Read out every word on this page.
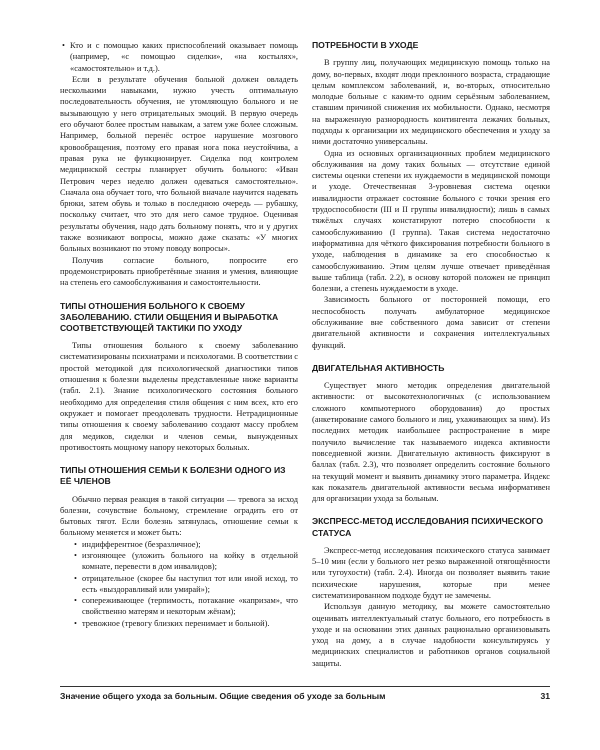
• Кто и с помощью каких приспособлений оказывает помощь (например, «с помощью сиделки», «на костылях», «самостоятельно» и т.д.).

Если в результате обучения больной должен овладеть несколькими навыками, нужно учесть оптимальную последовательность обучения, не утомляющую больного и не вызывающую у него отрицательных эмоций. В первую очередь его обучают более простым навыкам, а затем уже более сложным. Например, больной перенёс острое нарушение мозгового кровообращения, поэтому его правая нога пока неустойчива, а правая рука не функционирует. Сиделка под контролем медицинской сестры планирует обучить больного: «Иван Петрович через неделю должен одеваться самостоятельно». Сначала она обучает того, что больной вначале научится надевать брюки, затем обувь и только в последнюю очередь — рубашку, поскольку считает, что это для него самое трудное. Оценивая результаты обучения, надо дать больному понять, что и у других также возникают вопросы, можно даже сказать: «У многих больных возникают по этому поводу вопросы».

Получив согласие больного, попросите его продемонстрировать приобретённые знания и умения, влияющие на степень его самообслуживания и самостоятельности.

ТИПЫ ОТНОШЕНИЯ БОЛЬНОГО К СВОЕМУ ЗАБОЛЕВАНИЮ. СТИЛИ ОБЩЕНИЯ И ВЫРАБОТКА СООТВЕТСТВУЮЩЕЙ ТАКТИКИ ПО УХОДУ

Типы отношения больного к своему заболеванию систематизированы психиатрами и психологами. В соответствии с простой методикой для психологической диагностики типов отношения к болезни выделены представленные ниже варианты (табл. 2.1). Знание психологического состояния больного необходимо для определения стиля общения с ним всех, кто его окружает и помогает преодолевать трудности. Нетрадиционные типы отношения к своему заболеванию создают массу проблем для медиков, сиделки и членов семьи, вынужденных противостоять мощному напору некоторых больных.

ТИПЫ ОТНОШЕНИЯ СЕМЬИ К БОЛЕЗНИ ОДНОГО ИЗ ЕЁ ЧЛЕНОВ

Обычно первая реакция в такой ситуации — тревога за исход болезни, сочувствие больному, стремление оградить его от бытовых тягот. Если болезнь затянулась, отношение семьи к больному меняется и может быть:

• индифферентное (безразличное);
• изгоняющее (уложить больного на койку в отдельной комнате, перевести в дом инвалидов);
• отрицательное (скорее бы наступил тот или иной исход, то есть «выздоравливай или умирай»);
• сопереживающее (терпимость, потакание «капризам», что свойственно матерям и некоторым жёнам);
• тревожное (тревогу близких перенимает и больной).
ПОТРЕБНОСТИ В УХОДЕ

В группу лиц, получающих медицинскую помощь только на дому, во-первых, входят люди преклонного возраста, страдающие целым комплексом заболеваний, и, во-вторых, относительно молодые больные с каким-то одним серьёзным заболеванием, ставшим причиной снижения их мобильности. Однако, несмотря на выраженную разнородность контингента лежачих больных, подходы к организации их медицинского обеспечения и уходу за ними достаточно универсальны.

Одна из основных организационных проблем медицинского обслуживания на дому таких больных — отсутствие единой системы оценки степени их нуждаемости в медицинской помощи и уходе. Отечественная 3-уровневая система оценки инвалидности отражает состояние больного с точки зрения его трудоспособности (III и II группы инвалидности); лишь в самых тяжёлых случаях констатируют потерю способности к самообслуживанию (I группа). Такая система недостаточно информативна для чёткого фиксирования потребности больного в уходе, наблюдения в динамике за его способностью к самообслуживанию. Этим целям лучше отвечает приведённая выше таблица (табл. 2.2), в основу которой положен не принцип болезни, а степень нуждаемости в уходе.

Зависимость больного от посторонней помощи, его неспособность получать амбулаторное медицинское обслуживание вне собственного дома зависит от степени двигательной активности и сохранения интеллектуальных функций.

ДВИГАТЕЛЬНАЯ АКТИВНОСТЬ

Существует много методик определения двигательной активности: от высокотехнологичных (с использованием сложного компьютерного оборудования) до простых (анкетирование самого больного и лиц, ухаживающих за ним). Из последних методик наибольшее распространение в мире получило вычисление так называемого индекса активности повседневной жизни. Двигательную активность фиксируют в баллах (табл. 2.3), что позволяет определить состояние больного на текущий момент и выявить динамику этого параметра. Индекс как показатель двигательной активности весьма информативен для организации ухода за больным.

ЭКСПРЕСС-МЕТОД ИССЛЕДОВАНИЯ ПСИХИЧЕСКОГО СТАТУСА

Экспресс-метод исследования психического статуса занимает 5–10 мин (если у больного нет резко выраженной отягощённости или тугоухости) (табл. 2.4). Иногда он позволяет выявить такие психические нарушения, которые при менее систематизированном подходе будут не замечены.

Используя данную методику, вы можете самостоятельно оценивать интеллектуальный статус больного, его потребность в уходе и на основании этих данных рационально организовывать уход на дому, а в случае надобности консультируясь у медицинских специалистов и работников органов социальной защиты.

Значение общего ухода за больным. Общие сведения об уходе за больным	31
